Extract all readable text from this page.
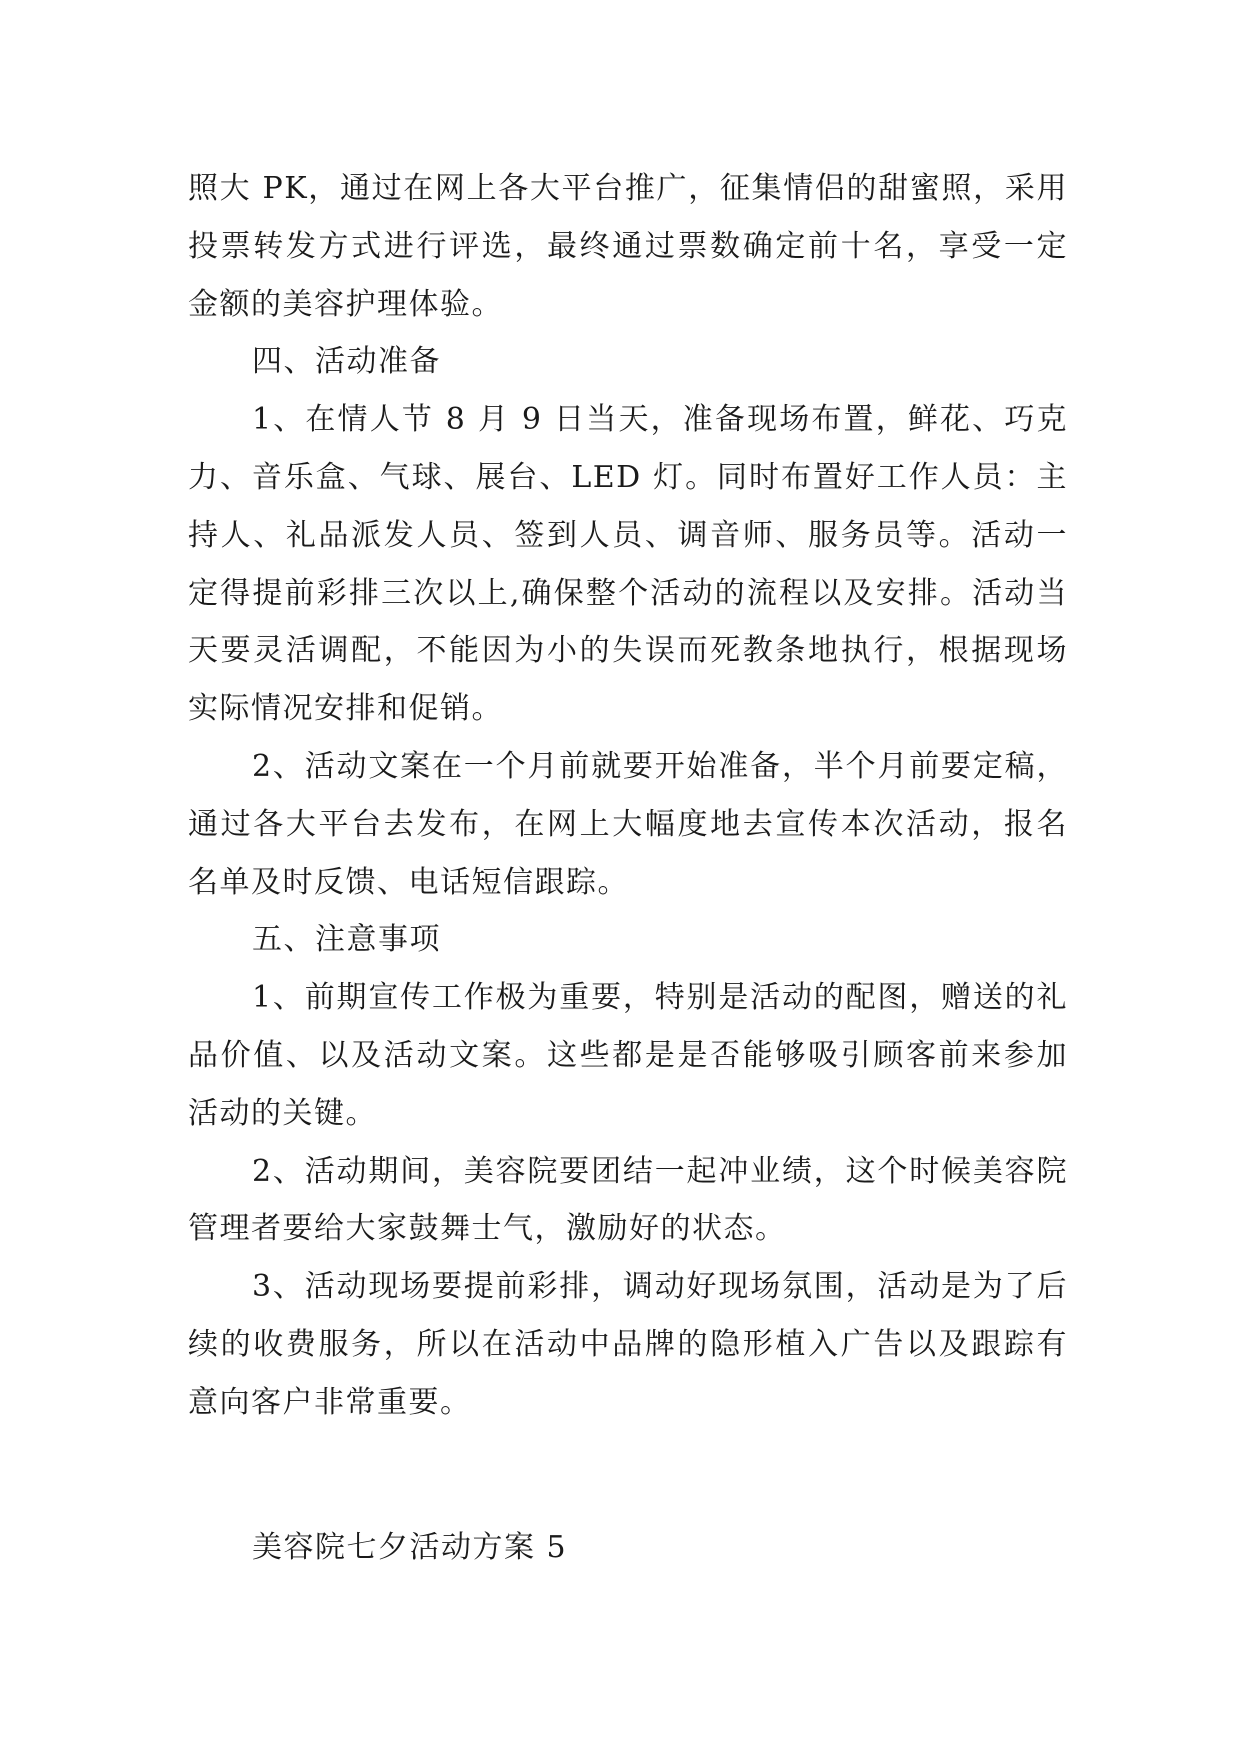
照大 PK，通过在网上各大平台推广，征集情侣的甜蜜照，采用投票转发方式进行评选，最终通过票数确定前十名，享受一定金额的美容护理体验。

四、活动准备

1、在情人节 8 月 9 日当天，准备现场布置，鲜花、巧克力、音乐盒、气球、展台、LED 灯。同时布置好工作人员：主持人、礼品派发人员、签到人员、调音师、服务员等。活动一定得提前彩排三次以上,确保整个活动的流程以及安排。活动当天要灵活调配，不能因为小的失误而死教条地执行，根据现场实际情况安排和促销。

2、活动文案在一个月前就要开始准备，半个月前要定稿，通过各大平台去发布，在网上大幅度地去宣传本次活动，报名名单及时反馈、电话短信跟踪。

五、注意事项

1、前期宣传工作极为重要，特别是活动的配图，赠送的礼品价值、以及活动文案。这些都是是否能够吸引顾客前来参加活动的关键。

2、活动期间，美容院要团结一起冲业绩，这个时候美容院管理者要给大家鼓舞士气，激励好的状态。

3、活动现场要提前彩排，调动好现场氛围，活动是为了后续的收费服务，所以在活动中品牌的隐形植入广告以及跟踪有意向客户非常重要。

美容院七夕活动方案 5
